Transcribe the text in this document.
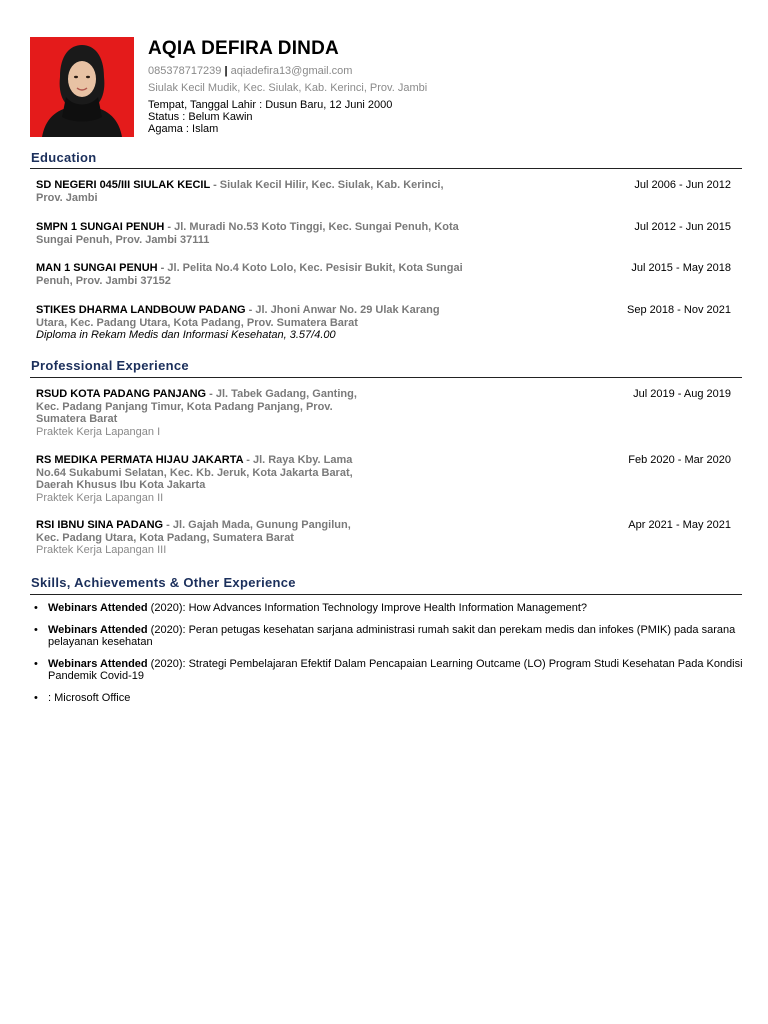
AQIA DEFIRA DINDA
085378717239 | aqiadefira13@gmail.com
Siulak Kecil Mudik, Kec. Siulak, Kab. Kerinci, Prov. Jambi
Tempat, Tanggal Lahir : Dusun Baru, 12 Juni 2000
Status : Belum Kawin
Agama : Islam
Education
SD NEGERI 045/III SIULAK KECIL - Siulak Kecil Hilir, Kec. Siulak, Kab. Kerinci,
Prov. Jambi
Jul 2006 - Jun 2012
SMPN 1 SUNGAI PENUH - Jl. Muradi No.53 Koto Tinggi, Kec. Sungai Penuh, Kota
Sungai Penuh, Prov. Jambi 37111
Jul 2012 - Jun 2015
MAN 1 SUNGAI PENUH - Jl. Pelita No.4 Koto Lolo, Kec. Pesisir Bukit, Kota Sungai
Penuh, Prov. Jambi 37152
Jul 2015 - May 2018
STIKES DHARMA LANDBOUW PADANG - Jl. Jhoni Anwar No. 29 Ulak Karang
Utara, Kec. Padang Utara, Kota Padang, Prov. Sumatera Barat
Diploma in Rekam Medis dan Informasi Kesehatan, 3.57/4.00
Sep 2018 - Nov 2021
Professional Experience
RSUD KOTA PADANG PANJANG - Jl. Tabek Gadang, Ganting,
Kec. Padang Panjang Timur, Kota Padang Panjang, Prov.
Sumatera Barat
Praktek Kerja Lapangan I
Jul 2019 - Aug 2019
RS MEDIKA PERMATA HIJAU JAKARTA - Jl. Raya Kby. Lama
No.64 Sukabumi Selatan, Kec. Kb. Jeruk, Kota Jakarta Barat,
Daerah Khusus Ibu Kota Jakarta
Praktek Kerja Lapangan II
Feb 2020 - Mar 2020
RSI IBNU SINA PADANG - Jl. Gajah Mada, Gunung Pangilun,
Kec. Padang Utara, Kota Padang, Sumatera Barat
Praktek Kerja Lapangan III
Apr 2021 - May 2021
Skills, Achievements & Other Experience
• Webinars Attended (2020): How Advances Information Technology Improve Health Information Management?
• Webinars Attended (2020): Peran petugas kesehatan sarjana administrasi rumah sakit dan perekam medis dan infokes (PMIK) pada sarana pelayanan kesehatan
• Webinars Attended (2020): Strategi Pembelajaran Efektif Dalam Pencapaian Learning Outcame (LO) Program Studi Kesehatan Pada Kondisi Pandemik Covid-19
• : Microsoft Office
